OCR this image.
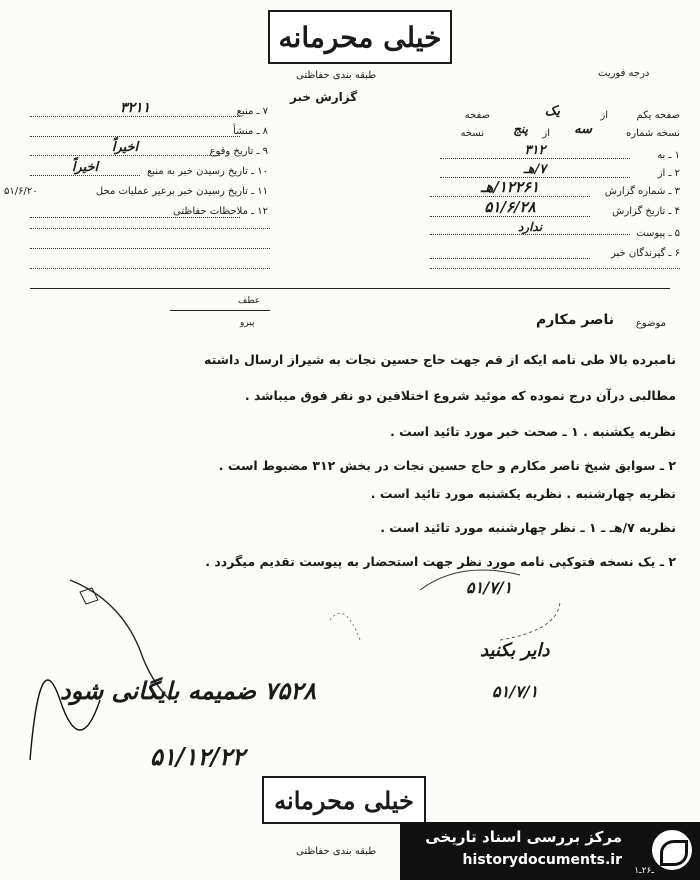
خیلی محرمانه
طبقه بندی حفاظتی	درجه فوریت
گزارش خبر
۷ ـ منبع
۳۲۱۱
۸ ـ منشأ
۹ ـ تاریخ وقوع
اخیراً
۱۰ ـ تاریخ رسیدن خبر به منبع
اخیراً
۱۱ ـ تاریخ رسیدن خبر برعیر عملیات محل
۵۱/۶/۲۰
۱۲ ـ ملاحظات حفاظتی
صفحه یکم
از
یک
صفحه
نسخه شماره
سه
از
پنج
نسخه
۱ ـ به
۳۱۲
۲ ـ از
۷/هـ
۳ ـ شماره گزارش
۱۲۲۶۱/هـ
۴ ـ تاریخ گزارش
۵۱/۶/۲۸
۵ ـ پیوست
ندارد
۶ ـ گیرندگان خبر
عطف
پیرو	موضوع
ناصر مکارم
نامبرده بالا طی نامه ایکه از قم جهت حاج حسین نجات به شیراز ارسال داشته
مطالبی درآن درج نموده که موئید شروع اختلافین دو نفر فوق میباشد .
نظریه یکشنبه . ۱ ـ صحت خبر مورد تائید است .
۲ ـ سوابق شیخ ناصر مکارم و حاج حسین نجات در بخش ۳۱۲ مضبوط است .
نظریه چهارشنبه . نظریه یکشنبه مورد تائید است .
نظریه ۷/هـ ـ ۱ ـ نظر چهارشنبه مورد تائید است .
۲ ـ یک نسخه فتوکپی نامه مورد نظر جهت استحضار به پیوست تقدیم میگردد .
۵۱/۷/۱
دایر بکنید
۵۱/۷/۱
۷۵۲۸ ضمیمه بایگانی شود
۵۱/۱۲/۲۲
خیلی محرمانه
طبقه بندی حفاظتی
مرکز بررسی اسناد تاریخی
historydocuments.ir
۱ـ۲۶ـ
